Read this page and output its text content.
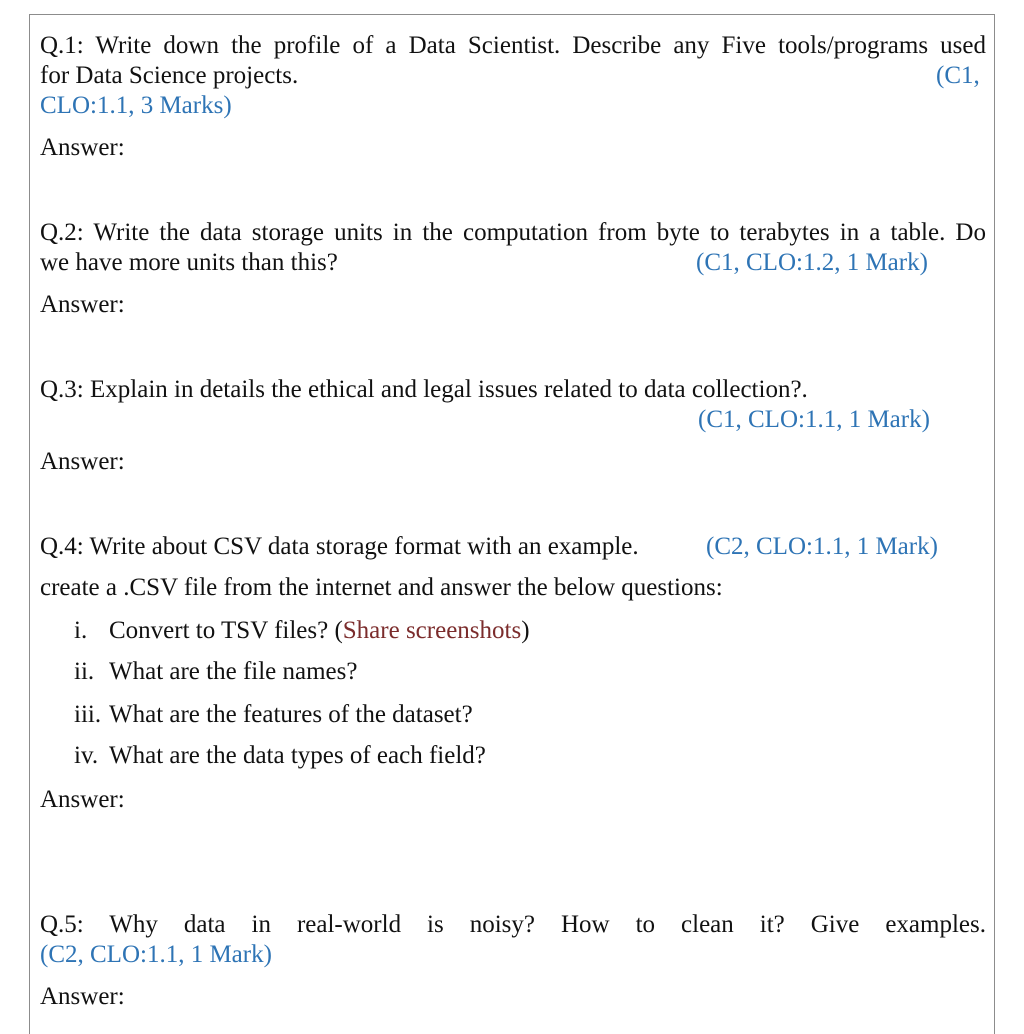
Q.1: Write down the profile of a Data Scientist. Describe any Five tools/programs used
for Data Science projects.	(C1,
CLO:1.1, 3 Marks)
Answer:
Q.2: Write the data storage units in the computation from byte to terabytes in a table. Do
we have more units than this?	(C1, CLO:1.2, 1 Mark)
Answer:
Q.3: Explain in details the ethical and legal issues related to data collection?.
(C1, CLO:1.1, 1 Mark)
Answer:
Q.4: Write about CSV data storage format with an example.	(C2, CLO:1.1, 1 Mark)
create a .CSV file from the internet and answer the below questions:
i. Convert to TSV files? (Share screenshots)
ii. What are the file names?
iii. What are the features of the dataset?
iv. What are the data types of each field?
Answer:
Q.5: Why data in real-world is noisy? How to clean it? Give examples.
(C2, CLO:1.1, 1 Mark)
Answer:
